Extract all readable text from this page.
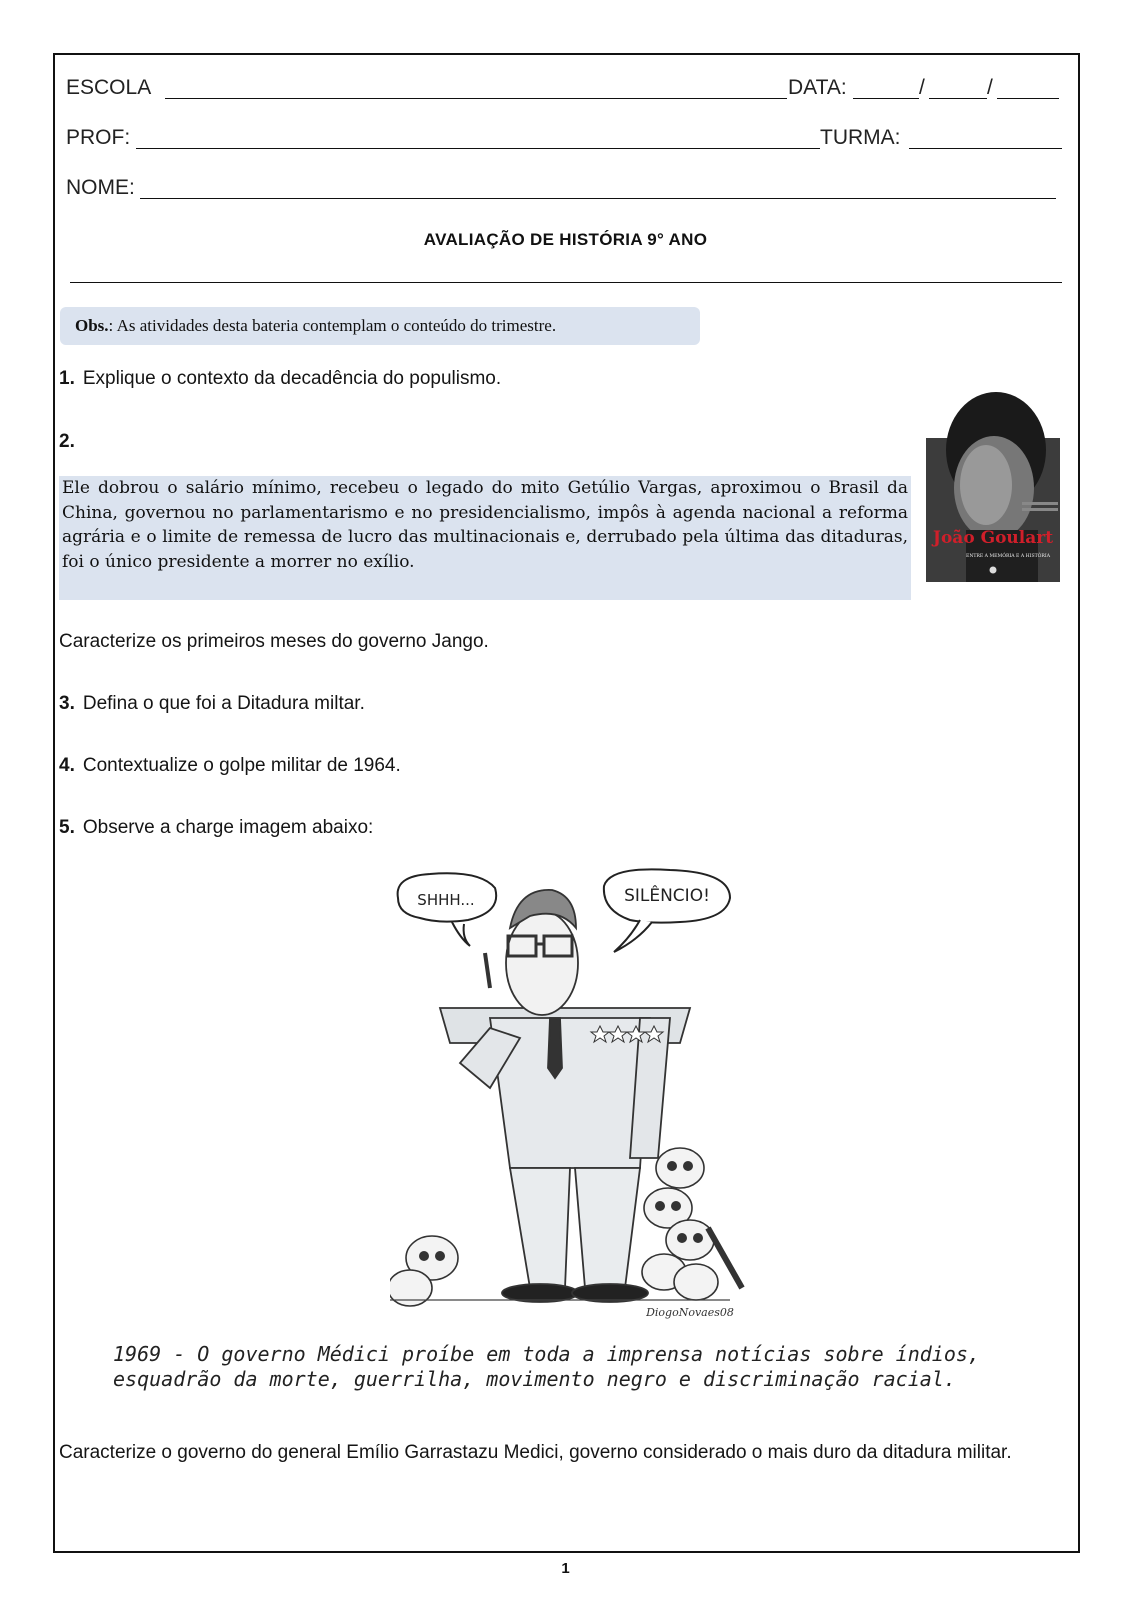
ESCOLA	DATA:	/	/
PROF:	TURMA:
NOME:
AVALIAÇÃO DE HISTÓRIA 9° ANO
Obs.: As atividades desta bateria contemplam o conteúdo do trimestre.
1. Explique o contexto da decadência do populismo.
2.
Ele dobrou o salário mínimo, recebeu o legado do mito Getúlio Vargas, aproximou o Brasil da China, governou no parlamentarismo e no presidencialismo, impôs à agenda nacional a reforma agrária e o limite de remessa de lucro das multinacionais e, derrubado pela última das ditaduras, foi o único presidente a morrer no exílio.
João Goulart
ENTRE A MEMÓRIA E A HISTÓRIA
Caracterize os primeiros meses do governo Jango.
3. Defina o que foi a Ditadura miltar.
4. Contextualize o golpe militar de 1964.
5. Observe a charge imagem abaixo:
SHHH...	SILÊNCIO!
DiogoNovaes08
1969 - O governo Médici proíbe em toda a imprensa notícias sobre índios, esquadrão da morte, guerrilha, movimento negro e discriminação racial.
Caracterize o governo do general Emílio Garrastazu Medici, governo considerado o mais duro da ditadura militar.
1
